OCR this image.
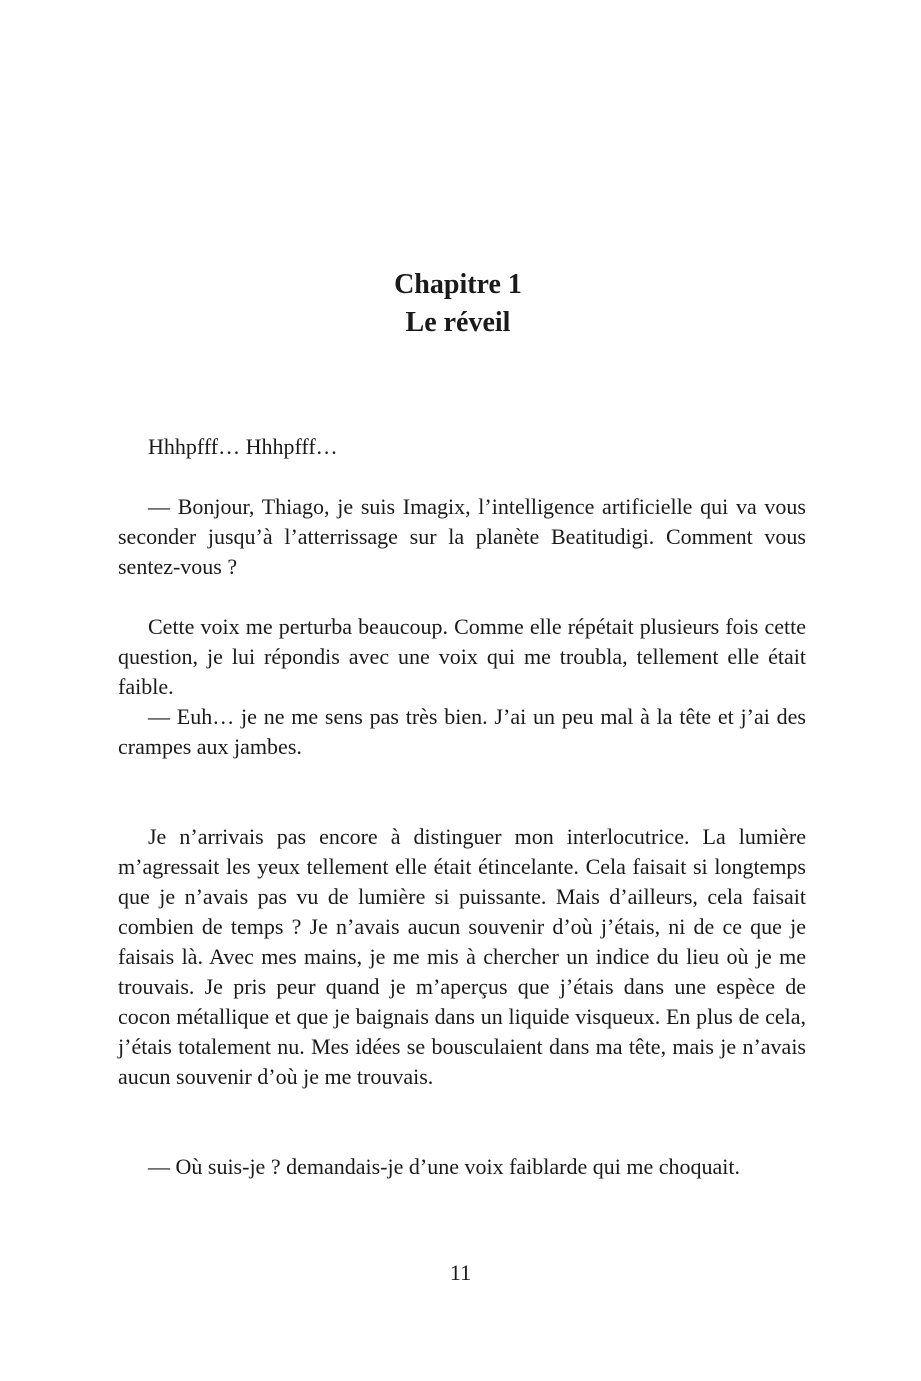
Chapitre 1
Le réveil

Hhhpfff… Hhhpfff…

— Bonjour, Thiago, je suis Imagix, l’intelligence artificielle qui va vous seconder jusqu’à l’atterrissage sur la planète Beatitudigi. Comment vous sentez-vous ?

Cette voix me perturba beaucoup. Comme elle répétait plusieurs fois cette question, je lui répondis avec une voix qui me troubla, tellement elle était faible.

— Euh… je ne me sens pas très bien. J’ai un peu mal à la tête et j’ai des crampes aux jambes.

Je n’arrivais pas encore à distinguer mon interlocutrice. La lumière m’agressait les yeux tellement elle était étincelante. Cela faisait si longtemps que je n’avais pas vu de lumière si puissante. Mais d’ailleurs, cela faisait combien de temps ? Je n’avais aucun souvenir d’où j’étais, ni de ce que je faisais là. Avec mes mains, je me mis à chercher un indice du lieu où je me trouvais. Je pris peur quand je m’aperçus que j’étais dans une espèce de cocon métallique et que je baignais dans un liquide visqueux. En plus de cela, j’étais totalement nu. Mes idées se bousculaient dans ma tête, mais je n’avais aucun souvenir d’où je me trouvais.

— Où suis-je ? demandais-je d’une voix faiblarde qui me choquait.

11
